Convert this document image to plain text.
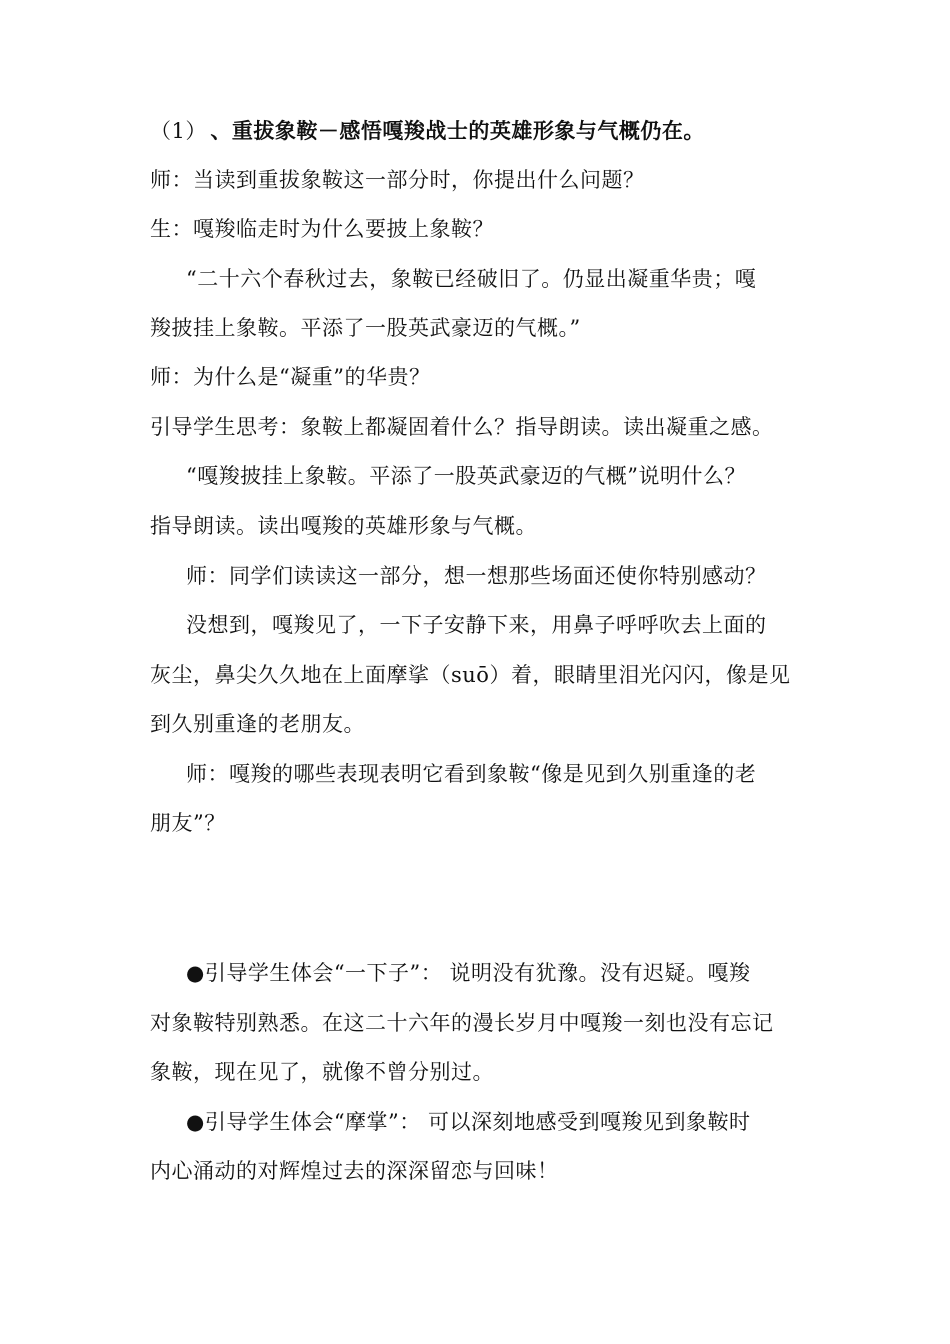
（1） 、重拔象鞍－感悟嘎羧战士的英雄形象与气概仍在。
师：当读到重拔象鞍这一部分时，你提出什么问题？
生：嘎羧临走时为什么要披上象鞍？
“二十六个春秋过去，象鞍已经破旧了。仍显出凝重华贵；嘎
羧披挂上象鞍。平添了一股英武豪迈的气概。”
师：为什么是“凝重”的华贵？
引导学生思考：象鞍上都凝固着什么？指导朗读。读出凝重之感。
“嘎羧披挂上象鞍。平添了一股英武豪迈的气概”说明什么？
指导朗读。读出嘎羧的英雄形象与气概。
师：同学们读读这一部分，想一想那些场面还使你特别感动？
没想到，嘎羧见了，一下子安静下来，用鼻子呼呼吹去上面的
灰尘，鼻尖久久地在上面摩挲（suō）着，眼睛里泪光闪闪，像是见
到久别重逢的老朋友。
师：嘎羧的哪些表现表明它看到象鞍“像是见到久别重逢的老
朋友”？
●引导学生体会“一下子”： 说明没有犹豫。没有迟疑。嘎羧
对象鞍特别熟悉。在这二十六年的漫长岁月中嘎羧一刻也没有忘记
象鞍，现在见了，就像不曾分别过。
●引导学生体会“摩掌”： 可以深刻地感受到嘎羧见到象鞍时
内心涌动的对辉煌过去的深深留恋与回味！
